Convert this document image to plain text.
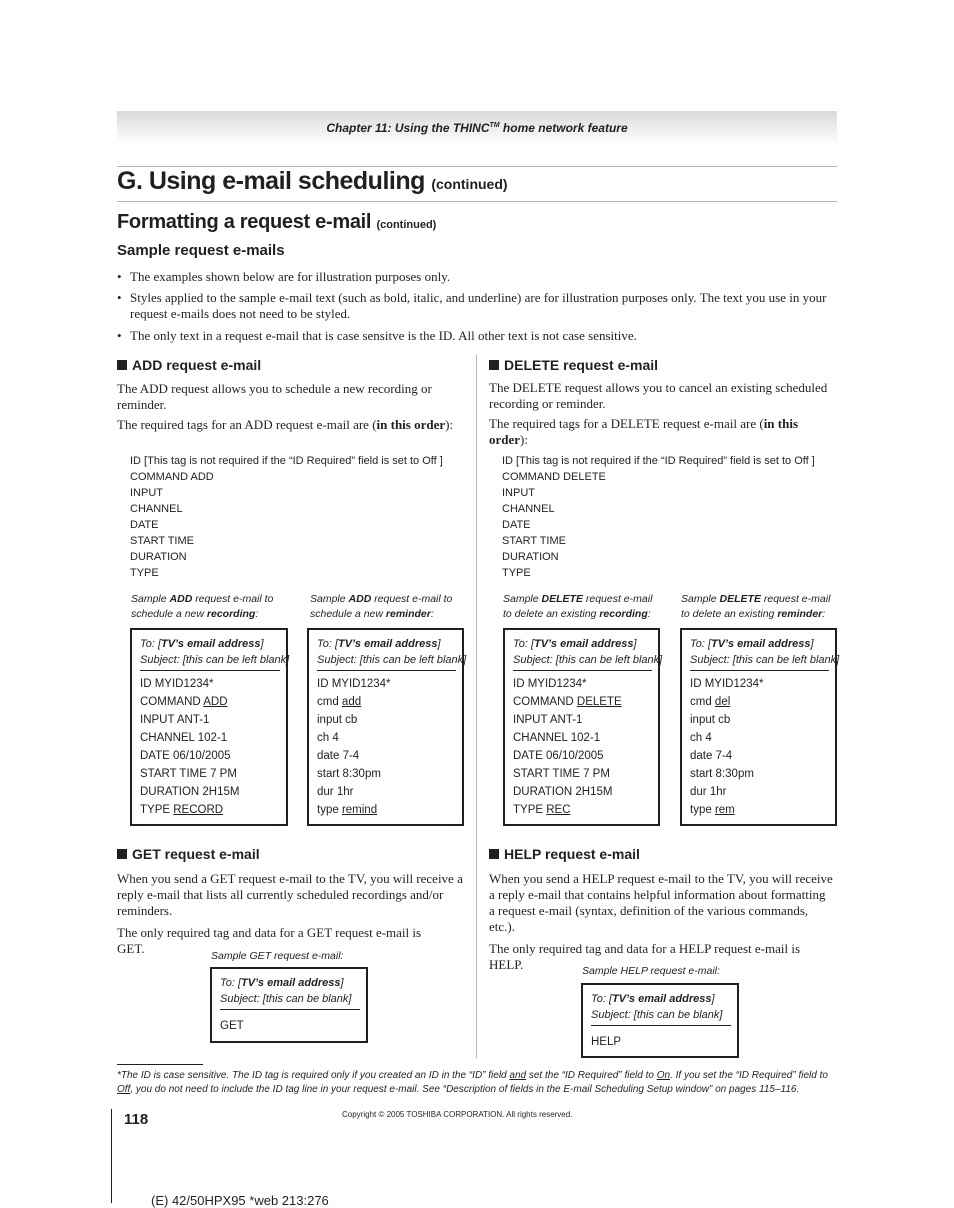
Chapter 11: Using the THINC™ home network feature
G. Using e-mail scheduling (continued)
Formatting a request e-mail (continued)
Sample request e-mails
• The examples shown below are for illustration purposes only.
• Styles applied to the sample e-mail text (such as bold, italic, and underline) are for illustration purposes only. The text you use in your request e-mails does not need to be styled.
• The only text in a request e-mail that is case sensitve is the ID. All other text is not case sensitive.
ADD request e-mail
The ADD request allows you to schedule a new recording or reminder.
The required tags for an ADD request e-mail are (in this order):
ID [This tag is not required if the “ID Required” field is set to Off ]
COMMAND ADD
INPUT
CHANNEL
DATE
START TIME
DURATION
TYPE
Sample ADD request e-mail to schedule a new recording:
Sample ADD request e-mail to schedule a new reminder:
To: [TV’s email address]
Subject: [this can be left blank]
ID MYID1234*
COMMAND ADD
INPUT ANT-1
CHANNEL 102-1
DATE 06/10/2005
START TIME 7 PM
DURATION 2H15M
TYPE RECORD
To: [TV’s email address]
Subject: [this can be left blank]
ID MYID1234*
cmd add
input cb
ch 4
date 7-4
start 8:30pm
dur 1hr
type remind
DELETE request e-mail
The DELETE request allows you to cancel an existing scheduled recording or reminder.
The required tags for a DELETE request e-mail are (in this order):
ID [This tag is not required if the “ID Required” field is set to Off ]
COMMAND DELETE
INPUT
CHANNEL
DATE
START TIME
DURATION
TYPE
Sample DELETE request e-mail to delete an existing recording:
Sample DELETE request e-mail to delete an existing reminder:
To: [TV’s email address]
Subject: [this can be left blank]
ID MYID1234*
COMMAND DELETE
INPUT ANT-1
CHANNEL 102-1
DATE 06/10/2005
START TIME 7 PM
DURATION 2H15M
TYPE REC
To: [TV’s email address]
Subject: [this can be left blank]
ID MYID1234*
cmd del
input cb
ch 4
date 7-4
start 8:30pm
dur 1hr
type rem
GET request e-mail
When you send a GET request e-mail to the TV, you will receive a reply e-mail that lists all currently scheduled recordings and/or reminders.
The only required tag and data for a GET request e-mail is GET.	Sample GET request e-mail:
To: [TV’s email address]
Subject: [this can be blank]
GET
HELP request e-mail
When you send a HELP request e-mail to the TV, you will receive a reply e-mail that contains helpful information about formatting a request e-mail (syntax, definition of the various commands, etc.).
The only required tag and data for a HELP request e-mail is HELP.	Sample HELP request e-mail:
To: [TV’s email address]
Subject: [this can be blank]
HELP
*The ID is case sensitive. The ID tag is required only if you created an ID in the “ID” field and set the “ID Required” field to On. If you set the “ID Required” field to Off, you do not need to include the ID tag line in your request e-mail. See “Description of fields in the E-mail Scheduling Setup window” on pages 115–116.
118	Copyright © 2005 TOSHIBA CORPORATION. All rights reserved.
(E) 42/50HPX95 *web 213:276
